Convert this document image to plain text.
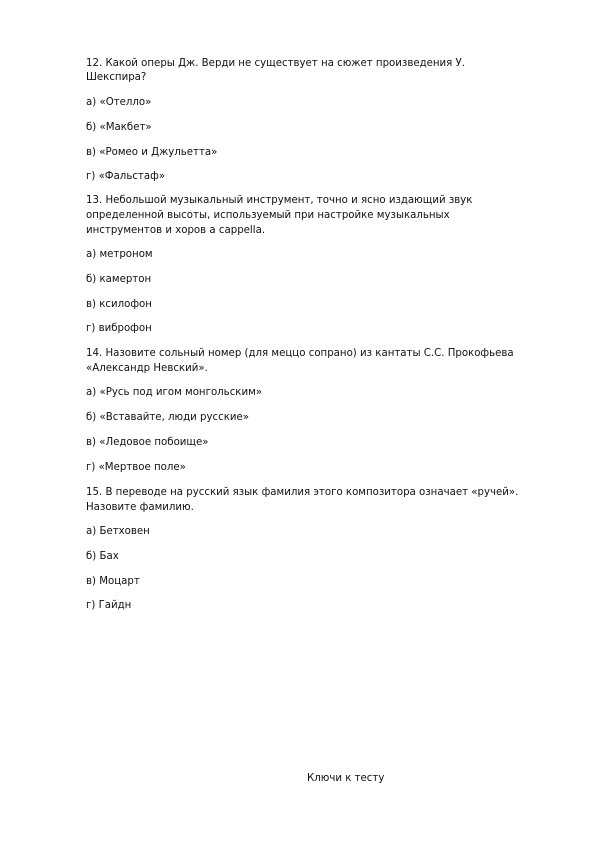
12. Какой оперы Дж. Верди не существует на сюжет произведения У.
Шекспира?
а) «Отелло»
б) «Макбет»
в) «Ромео и Джульетта»
г) «Фальстаф»
13. Небольшой музыкальный инструмент, точно и ясно издающий звук
определенной высоты, используемый при настройке музыкальных
инструментов и хоров a cappella.
а) метроном
б) камертон
в) ксилофон
г) виброфон
14. Назовите сольный номер (для меццо сопрано) из кантаты С.С. Прокофьева
«Александр Невский».
а) «Русь под игом монгольским»
б) «Вставайте, люди русские»
в) «Ледовое побоище»
г) «Мертвое поле»
15. В переводе на русский язык фамилия этого композитора означает «ручей».
Назовите фамилию.
а) Бетховен
б) Бах
в) Моцарт
г) Гайдн
Ключи к тесту
